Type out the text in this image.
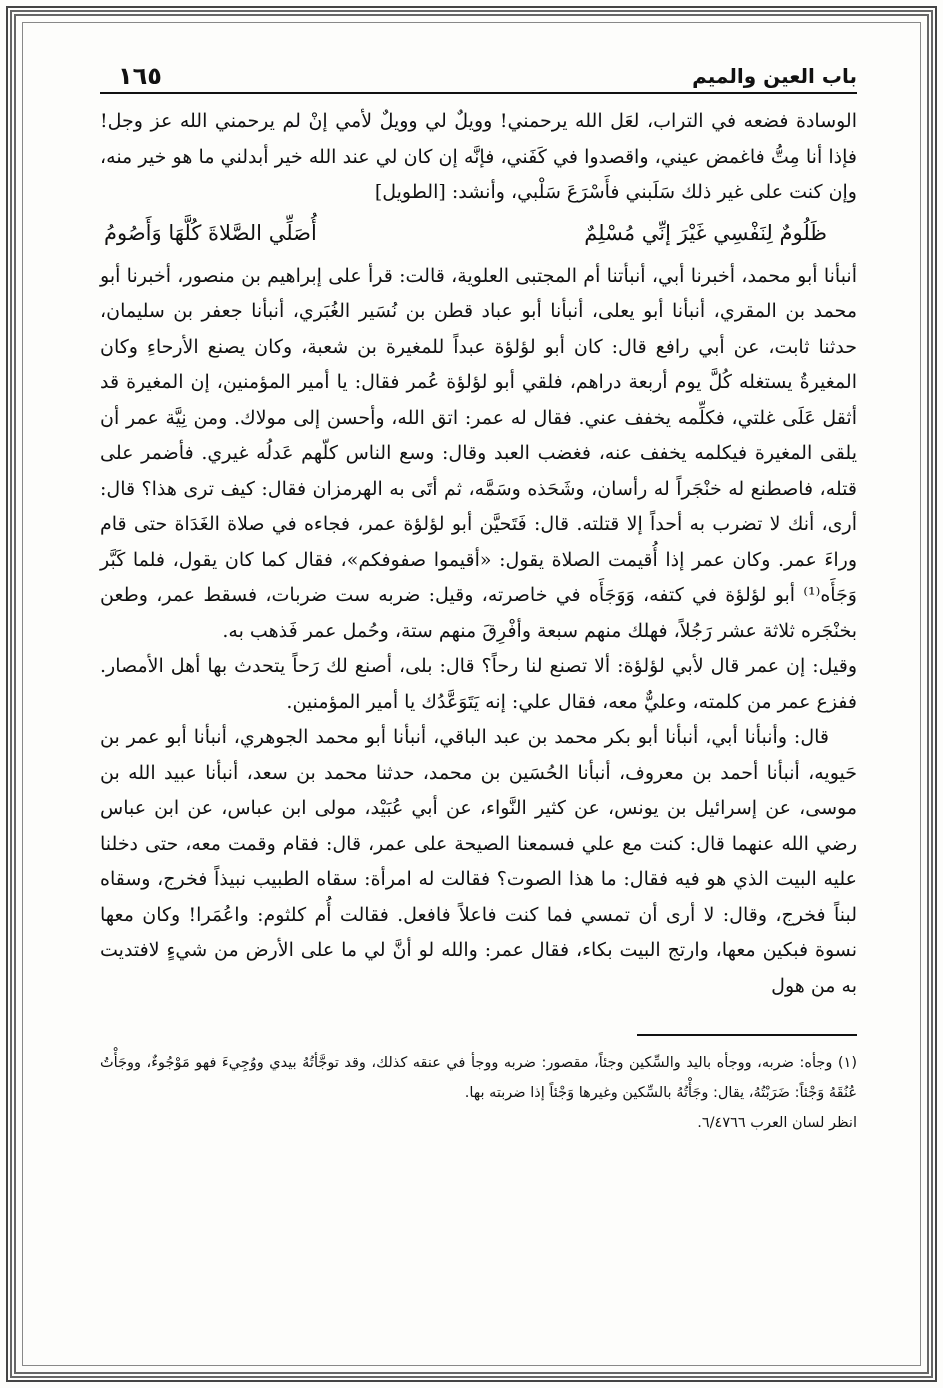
باب العين والميم
١٦٥

الوسادة فضعه في التراب، لعَل الله يرحمني! وويلٌ لي وويلٌ لأمي إنْ لم يرحمني الله عز وجل! فإذا أنا مِتُّ فاغمض عيني، واقصدوا في كَفَني، فإنَّه إن كان لي عند الله خير أبدلني ما هو خير منه، وإن كنت على غير ذلك سَلَبني فأَسْرَعَ سَلْبي، وأنشد: [الطويل]

ظَلُومٌ لِنَفْسِي غَيْرَ إنِّي مُسْلِمٌ
أُصَلِّي الصَّلاةَ كُلَّهَا وَأَصُومُ

أنبأنا أبو محمد، أخبرنا أبي، أنبأتنا أم المجتبى العلوية، قالت: قرأ على إبراهيم بن منصور، أخبرنا أبو محمد بن المقري، أنبأنا أبو يعلى، أنبأنا أبو عباد قطن بن نُسَير الغُبَري، أنبأنا جعفر بن سليمان، حدثنا ثابت، عن أبي رافع قال: كان أبو لؤلؤة عبداً للمغيرة بن شعبة، وكان يصنع الأرحاءِ وكان المغيرةُ يستغله كُلَّ يوم أربعة دراهم، فلقي أبو لؤلؤة عُمر فقال: يا أمير المؤمنين، إن المغيرة قد أثقل عَلَى غلتي، فكلِّمه يخفف عني. فقال له عمر: اتق الله، وأحسن إلى مولاك. ومن نِيَّة عمر أن يلقى المغيرة فيكلمه يخفف عنه، فغضب العبد وقال: وسع الناس كلّهم عَدلُه غيري. فأضمر على قتله، فاصطنع له خنْجَراً له رأسان، وشَحَذه وسَمَّه، ثم أتَى به الهرمزان فقال: كيف ترى هذا؟ قال: أرى، أنك لا تضرب به أحداً إلا قتلته. قال: فَتَحيَّن أبو لؤلؤة عمر، فجاءه في صلاة الغَدَاة حتى قام وراءَ عمر. وكان عمر إذا أُقيمت الصلاة يقول: «أقيموا صفوفكم»، فقال كما كان يقول، فلما كَبَّر وَجَأَه⁽¹⁾ أبو لؤلؤة في كتفه، وَوَجَأَه في خاصرته، وقيل: ضربه ست ضربات، فسقط عمر، وطعن بخنْجَره ثلاثة عشر رَجُلاً، فهلك منهم سبعة وأفْرِقَ منهم ستة، وحُمل عمر فَذهب به.

وقيل: إن عمر قال لأبي لؤلؤة: ألا تصنع لنا رحاً؟ قال: بلى، أصنع لك رَحاً يتحدث بها أهل الأمصار. ففزع عمر من كلمته، وعليٌّ معه، فقال علي: إنه يَتَوَعَّدُك يا أمير المؤمنين.

قال: وأنبأنا أبي، أنبأنا أبو بكر محمد بن عبد الباقي، أنبأنا أبو محمد الجوهري، أنبأنا أبو عمر بن حَيويه، أنبأنا أحمد بن معروف، أنبأنا الحُسَين بن محمد، حدثنا محمد بن سعد، أنبأنا عبيد الله بن موسى، عن إسرائيل بن يونس، عن كثير النَّواء، عن أبي عُبَيْد، مولى ابن عباس، عن ابن عباس رضي الله عنهما قال: كنت مع علي فسمعنا الصيحة على عمر، قال: فقام وقمت معه، حتى دخلنا عليه البيت الذي هو فيه فقال: ما هذا الصوت؟ فقالت له امرأة: سقاه الطبيب نبيذاً فخرج، وسقاه لبناً فخرج، وقال: لا أرى أن تمسي فما كنت فاعلاً فافعل. فقالت أُم كلثوم: واعُمَرا! وكان معها نسوة فبكين معها، وارتج البيت بكاء، فقال عمر: والله لو أنَّ لي ما على الأرض من شيءٍ لافتديت به من هول

(١) وجأه: ضربه، ووجأه باليد والسِّكين وجئاً، مقصور: ضربه ووجأ في عنقه كذلك، وقد توجَّأتُهُ بيدي ووُجِيءَ فهو مَوْجُوءٌ، ووجَأْتُ عُنُقَهُ وَجْئاً: ضَرَبْتُهُ، يقال: وجَأْتُهُ بالسِّكين وغيرها وَجْئاً إذا ضربته بها.

انظر لسان العرب ٦/٤٧٦٦.
